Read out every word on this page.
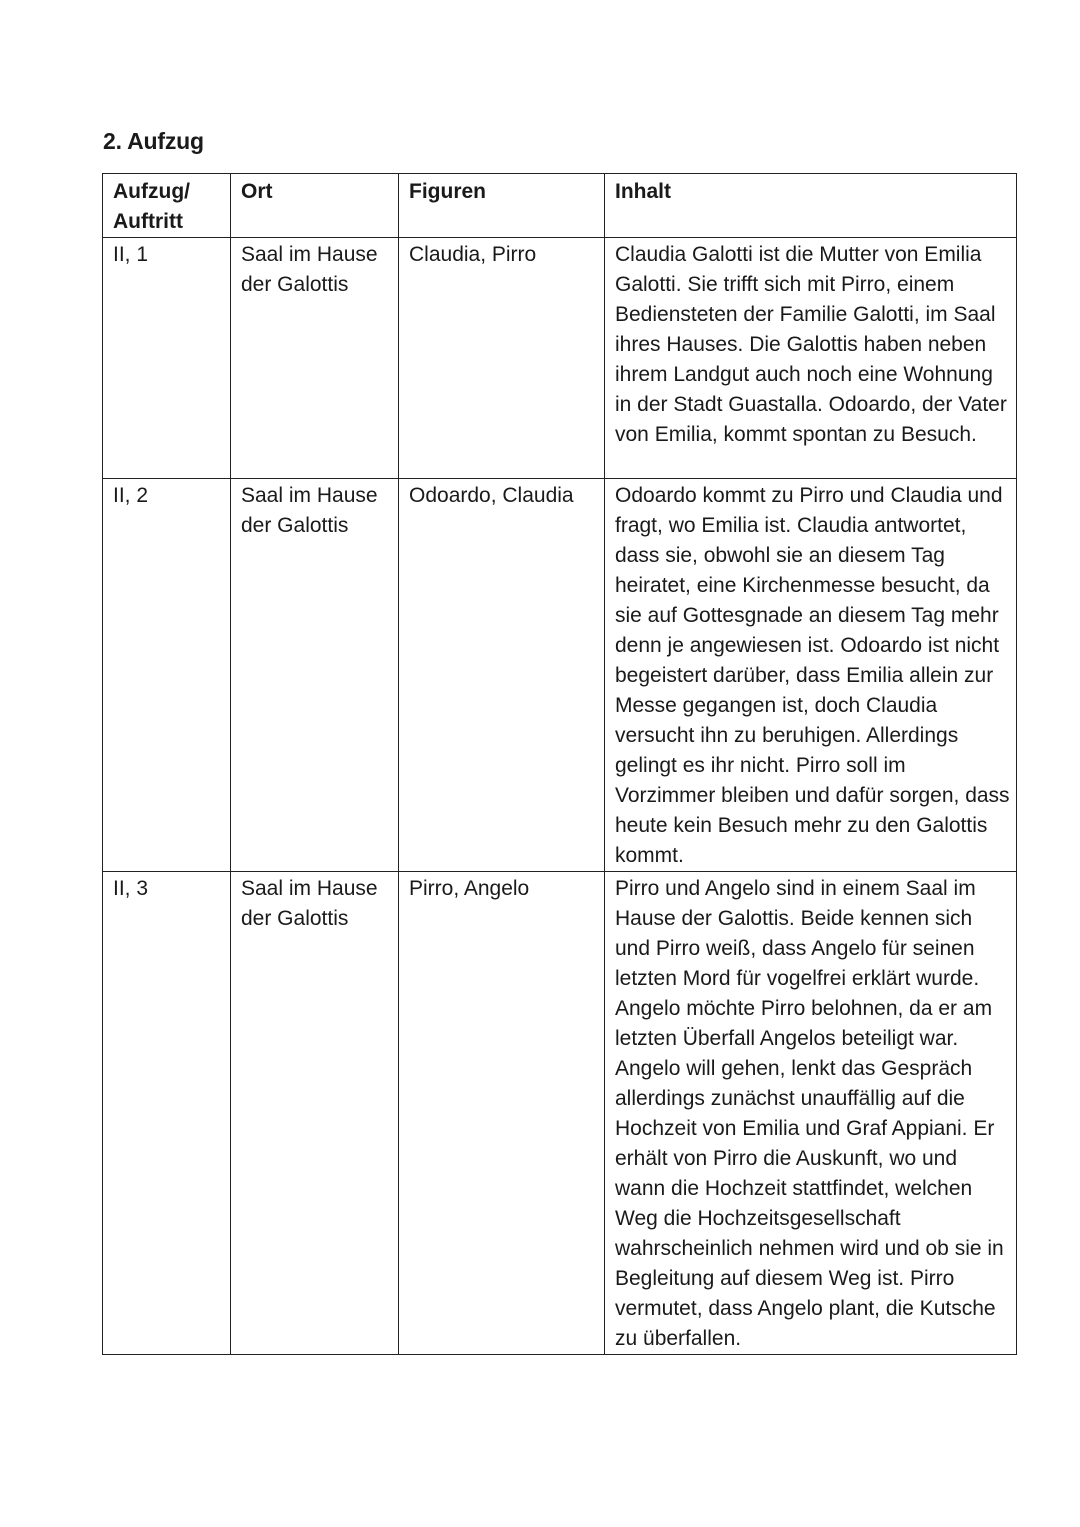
2. Aufzug
Aufzug/ Auftritt	Ort	Figuren	Inhalt
II, 1	Saal im Hause der Galottis	Claudia, Pirro	Claudia Galotti ist die Mutter von Emilia Galotti. Sie trifft sich mit Pirro, einem Bediensteten der Familie Galotti, im Saal ihres Hauses. Die Galottis haben neben ihrem Landgut auch noch eine Wohnung in der Stadt Guastalla. Odoardo, der Vater von Emilia, kommt spontan zu Besuch.
II, 2	Saal im Hause der Galottis	Odoardo, Claudia	Odoardo kommt zu Pirro und Claudia und fragt, wo Emilia ist. Claudia antwortet, dass sie, obwohl sie an diesem Tag heiratet, eine Kirchenmesse besucht, da sie auf Gottesgnade an diesem Tag mehr denn je angewiesen ist. Odoardo ist nicht begeistert darüber, dass Emilia allein zur Messe gegangen ist, doch Claudia versucht ihn zu beruhigen. Allerdings gelingt es ihr nicht. Pirro soll im Vorzimmer bleiben und dafür sorgen, dass heute kein Besuch mehr zu den Galottis kommt.
II, 3	Saal im Hause der Galottis	Pirro, Angelo	Pirro und Angelo sind in einem Saal im Hause der Galottis. Beide kennen sich und Pirro weiß, dass Angelo für seinen letzten Mord für vogelfrei erklärt wurde. Angelo möchte Pirro belohnen, da er am letzten Überfall Angelos beteiligt war. Angelo will gehen, lenkt das Gespräch allerdings zunächst unauffällig auf die Hochzeit von Emilia und Graf Appiani. Er erhält von Pirro die Auskunft, wo und wann die Hochzeit stattfindet, welchen Weg die Hochzeitsgesellschaft wahrscheinlich nehmen wird und ob sie in Begleitung auf diesem Weg ist. Pirro vermutet, dass Angelo plant, die Kutsche zu überfallen.
